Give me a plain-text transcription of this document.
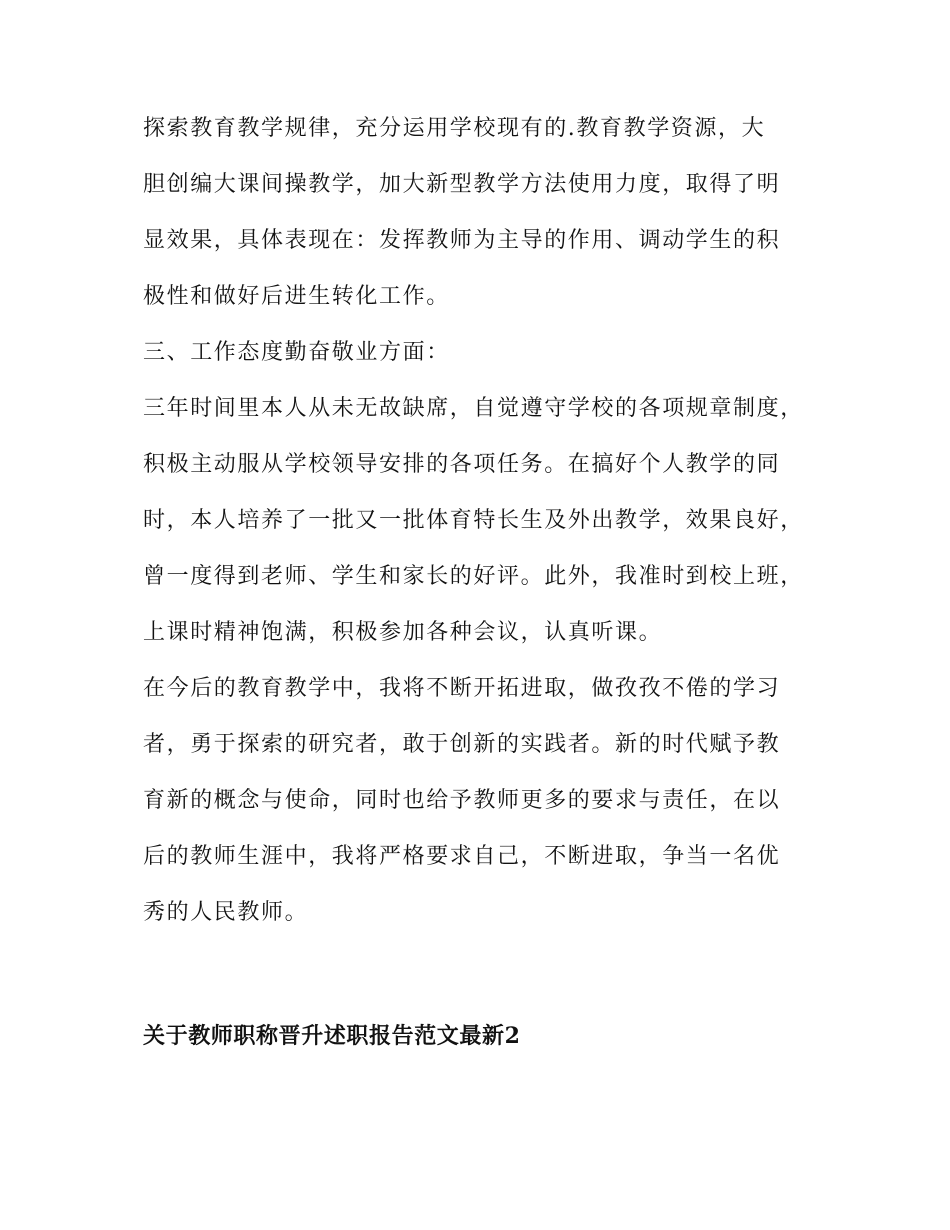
探索教育教学规律，充分运用学校现有的.教育教学资源，大
胆创编大课间操教学，加大新型教学方法使用力度，取得了明
显效果，具体表现在：发挥教师为主导的作用、调动学生的积
极性和做好后进生转化工作。
三、工作态度勤奋敬业方面：
三年时间里本人从未无故缺席，自觉遵守学校的各项规章制度，
积极主动服从学校领导安排的各项任务。在搞好个人教学的同
时，本人培养了一批又一批体育特长生及外出教学，效果良好，
曾一度得到老师、学生和家长的好评。此外，我准时到校上班，
上课时精神饱满，积极参加各种会议，认真听课。
在今后的教育教学中，我将不断开拓进取，做孜孜不倦的学习
者，勇于探索的研究者，敢于创新的实践者。新的时代赋予教
育新的概念与使命，同时也给予教师更多的要求与责任，在以
后的教师生涯中，我将严格要求自己，不断进取，争当一名优
秀的人民教师。
关于教师职称晋升述职报告范文最新2
